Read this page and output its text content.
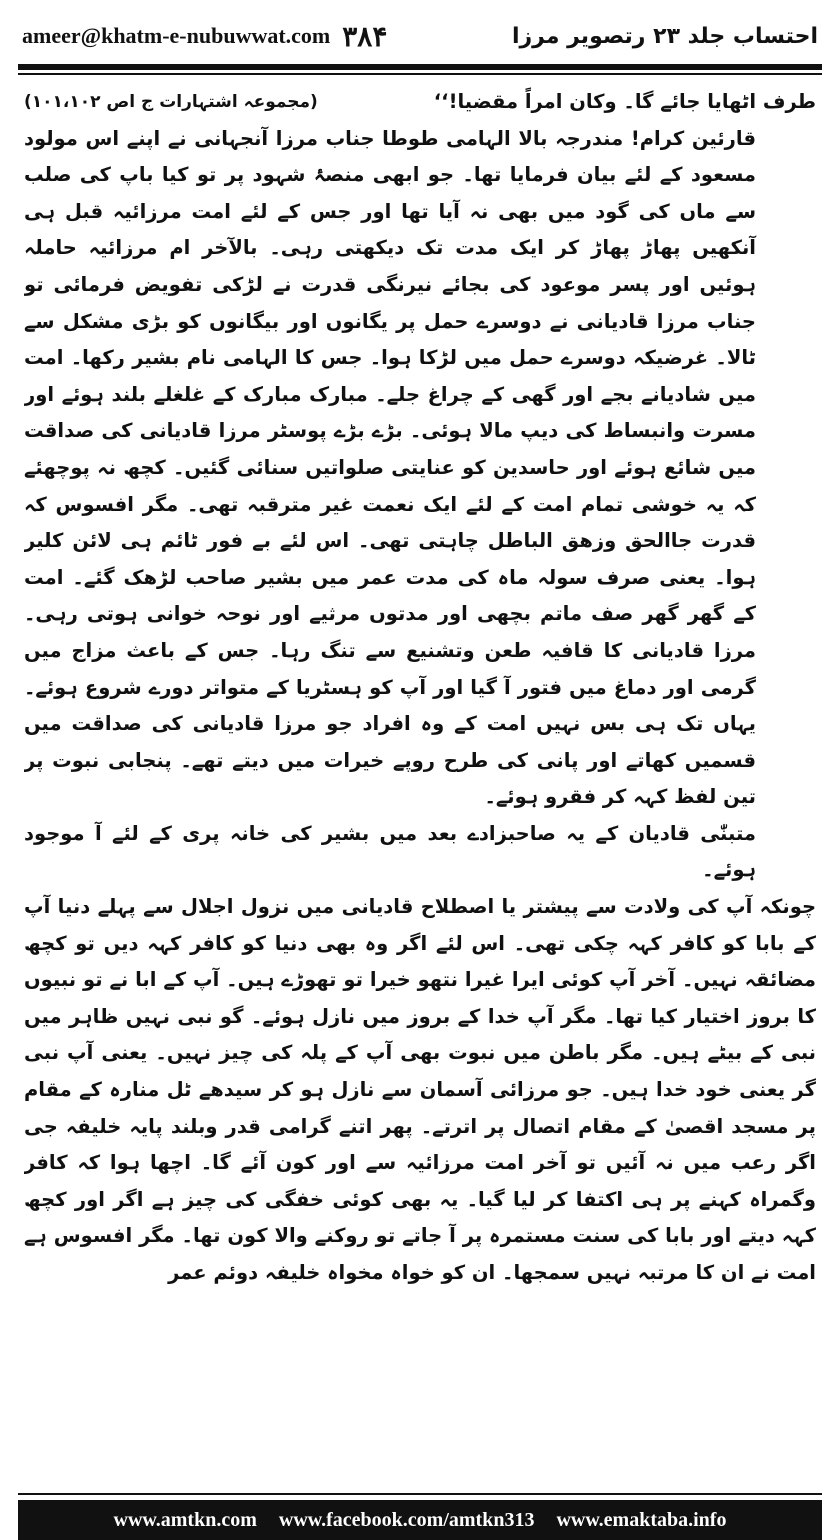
ameer@khatm-e-nubuwwat.com ۳۸۴	احتساب جلد ۲۳ رتصویر مرزا
طرف اٹھایا جائے گا۔ وکان امراً مقضیا!‘‘
(مجموعہ اشتہارات ج اص ۱۰۱،۱۰۲)

قارئین کرام! مندرجہ بالا الہامی طوطا جناب مرزا آنجہانی نے اپنے اس مولود مسعود کے لئے بیان فرمایا تھا۔ جو ابھی منصۂ شہود پر تو کیا باپ کی صلب سے ماں کی گود میں بھی نہ آیا تھا اور جس کے لئے امت مرزائیہ قبل ہی آنکھیں پھاڑ پھاڑ کر ایک مدت تک دیکھتی رہی۔ بالآخر ام مرزائیہ حاملہ ہوئیں اور پسر موعود کی بجائے نیرنگی قدرت نے لڑکی تفویض فرمائی تو جناب مرزا قادیانی نے دوسرے حمل پر یگانوں اور بیگانوں کو بڑی مشکل سے ٹالا۔ غرضیکہ دوسرے حمل میں لڑکا ہوا۔ جس کا الہامی نام بشیر رکھا۔ امت میں شادیانے بجے اور گھی کے چراغ جلے۔ مبارک مبارک کے غلغلے بلند ہوئے اور مسرت وانبساط کی دیپ مالا ہوئی۔ بڑے بڑے پوسٹر مرزا قادیانی کی صداقت میں شائع ہوئے اور حاسدین کو عنایتی صلواتیں سنائی گئیں۔ کچھ نہ پوچھئے کہ یہ خوشی تمام امت کے لئے ایک نعمت غیر مترقبہ تھی۔ مگر افسوس کہ قدرت جاالحق وزھق الباطل چاہتی تھی۔ اس لئے بے فور ٹائم ہی لائن کلیر ہوا۔ یعنی صرف سولہ ماہ کی مدت عمر میں بشیر صاحب لڑھک گئے۔ امت کے گھر گھر صف ماتم بچھی اور مدتوں مرثیے اور نوحہ خوانی ہوتی رہی۔ مرزا قادیانی کا قافیہ طعن وتشنیع سے تنگ رہا۔ جس کے باعث مزاج میں گرمی اور دماغ میں فتور آ گیا اور آپ کو ہسٹریا کے متواتر دورے شروع ہوئے۔ یہاں تک ہی بس نہیں امت کے وہ افراد جو مرزا قادیانی کی صداقت میں قسمیں کھاتے اور پانی کی طرح روپے خیرات میں دیتے تھے۔ پنجابی نبوت پر تین لفظ کہہ کر فقرو ہوئے۔

متبنّٰی قادیان کے یہ صاحبزادے بعد میں بشیر کی خانہ پری کے لئے آ موجود ہوئے۔

چونکہ آپ کی ولادت سے پیشتر یا اصطلاح قادیانی میں نزول اجلال سے پہلے دنیا آپ کے بابا کو کافر کہہ چکی تھی۔ اس لئے اگر وہ بھی دنیا کو کافر کہہ دیں تو کچھ مضائقہ نہیں۔ آخر آپ کوئی ایرا غیرا نتھو خیرا تو تھوڑے ہیں۔ آپ کے ابا نے تو نبیوں کا بروز اختیار کیا تھا۔ مگر آپ خدا کے بروز میں نازل ہوئے۔ گو نبی نہیں ظاہر میں نبی کے بیٹے ہیں۔ مگر باطن میں نبوت بھی آپ کے پلہ کی چیز نہیں۔ یعنی آپ نبی گر یعنی خود خدا ہیں۔ جو مرزائی آسمان سے نازل ہو کر سیدھے ٹل منارہ کے مقام پر مسجد اقصیٰ کے مقام اتصال پر اترتے۔ پھر اتنے گرامی قدر وبلند پایہ خلیفہ جی اگر رعب میں نہ آئیں تو آخر امت مرزائیہ سے اور کون آئے گا۔ اچھا ہوا کہ کافر وگمراہ کہنے پر ہی اکتفا کر لیا گیا۔ یہ بھی کوئی خفگی کی چیز ہے اگر اور کچھ کہہ دیتے اور بابا کی سنت مستمرہ پر آ جاتے تو روکنے والا کون تھا۔ مگر افسوس ہے امت نے ان کا مرتبہ نہیں سمجھا۔ ان کو خواہ مخواہ خلیفہ دوئم عمر

www.amtkn.com www.facebook.com/amtkn313 www.emaktaba.info
